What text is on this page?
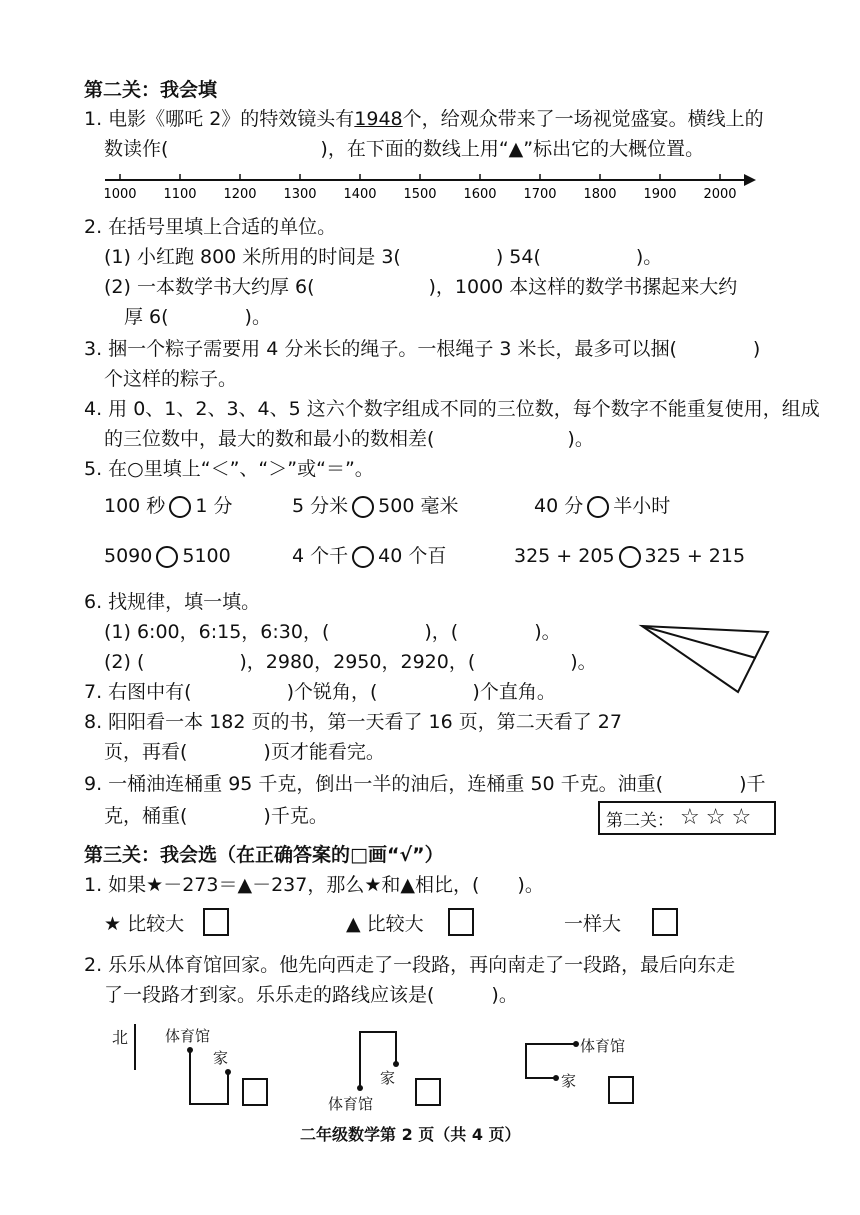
第二关：我会填
1. 电影《哪吒 2》的特效镜头有1948个，给观众带来了一场视觉盛宴。横线上的
数读作(　　　　　　　　)，在下面的数线上用“▲”标出它的大概位置。
1000 1100 1200 1300 1400 1500 1600 1700 1800 1900 2000
2. 在括号里填上合适的单位。
(1) 小红跑 800 米所用的时间是 3(　　　　　) 54(　　　　　)。
(2) 一本数学书大约厚 6(　　　　　　)，1000 本这样的数学书摞起来大约
厚 6(　　　　)。
3. 捆一个粽子需要用 4 分米长的绳子。一根绳子 3 米长，最多可以捆(　　　　)
个这样的粽子。
4. 用 0、1、2、3、4、5 这六个数字组成不同的三位数，每个数字不能重复使用，组成
的三位数中，最大的数和最小的数相差(　　　　　　　)。
5. 在○里填上“＜”、“＞”或“＝”。
100 秒 1 分	5 分米 500 毫米	40 分 半小时
5090 5100	4 个千 40 个百	325 + 205 325 + 215
6. 找规律，填一填。
(1) 6:00，6:15，6:30，(　　　　　)，(　　　　)。
(2) (　　　　　)，2980，2950，2920，(　　　　　)。
7. 右图中有(　　　　　)个锐角，(　　　　　)个直角。
8. 阳阳看一本 182 页的书，第一天看了 16 页，第二天看了 27
页，再看(　　　　)页才能看完。
9. 一桶油连桶重 95 千克，倒出一半的油后，连桶重 50 千克。油重(　　　　)千
克，桶重(　　　　)千克。	第二关： ☆ ☆ ☆
第三关：我会选（在正确答案的□画“√”）
1. 如果★－273＝▲－237，那么★和▲相比，(　　)。
★ 比较大	▲ 比较大	一样大
2. 乐乐从体育馆回家。他先向西走了一段路，再向南走了一段路，最后向东走
了一段路才到家。乐乐走的路线应该是(　　　)。
北 体育馆
家
家
体育馆
体育馆
家
二年级数学第 2 页（共 4 页）
